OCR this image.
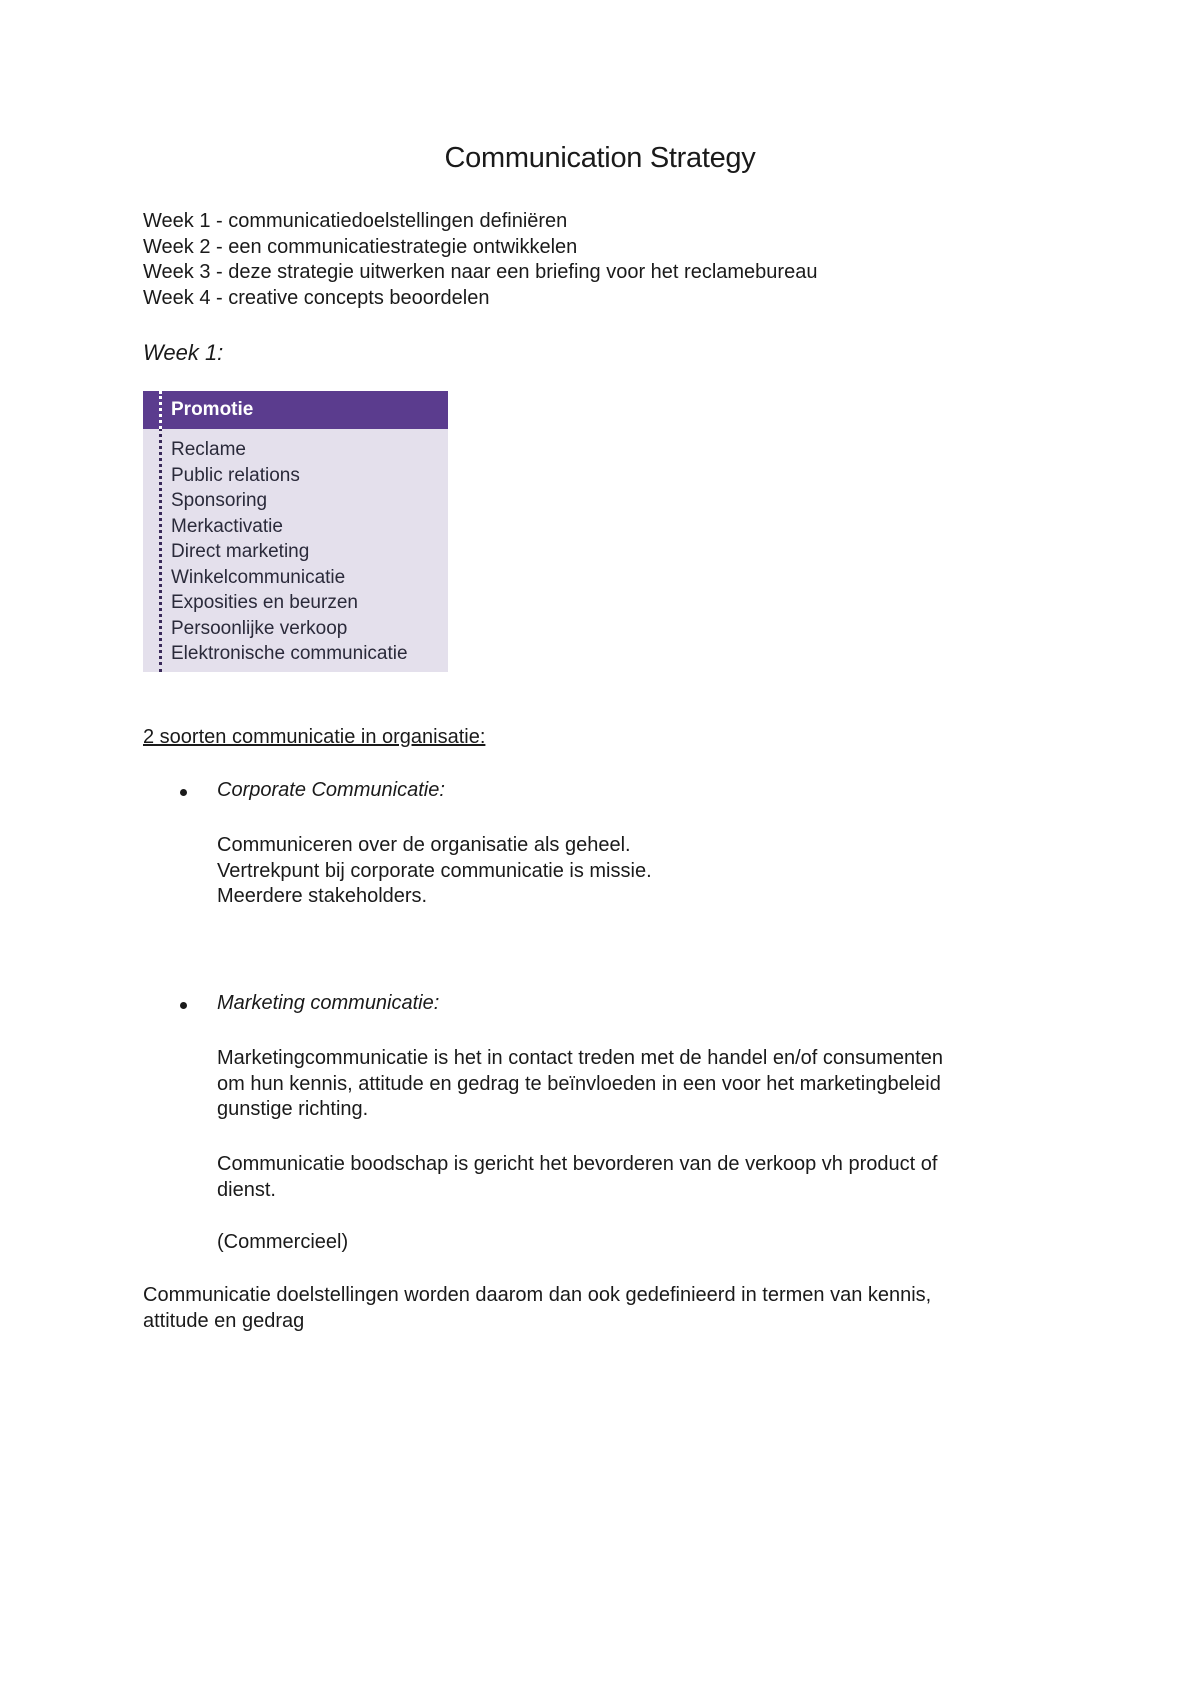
Communication Strategy
Week 1 - communicatiedoelstellingen definiëren
Week 2 - een communicatiestrategie ontwikkelen
Week 3 - deze strategie uitwerken naar een briefing voor het reclamebureau
Week 4 - creative concepts beoordelen
Week 1:
Promotie
Reclame
Public relations
Sponsoring
Merkactivatie
Direct marketing
Winkelcommunicatie
Exposities en beurzen
Persoonlijke verkoop
Elektronische communicatie
2 soorten communicatie in organisatie:
Corporate Communicatie:
Communiceren over de organisatie als geheel.
Vertrekpunt bij corporate communicatie is missie.
Meerdere stakeholders.
Marketing communicatie:
Marketingcommunicatie is het in contact treden met de handel en/of consumenten
om hun kennis, attitude en gedrag te beïnvloeden in een voor het marketingbeleid
gunstige richting.
Communicatie boodschap is gericht het bevorderen van de verkoop vh product of
dienst.
(Commercieel)
Communicatie doelstellingen worden daarom dan ook gedefinieerd in termen van kennis,
attitude en gedrag
